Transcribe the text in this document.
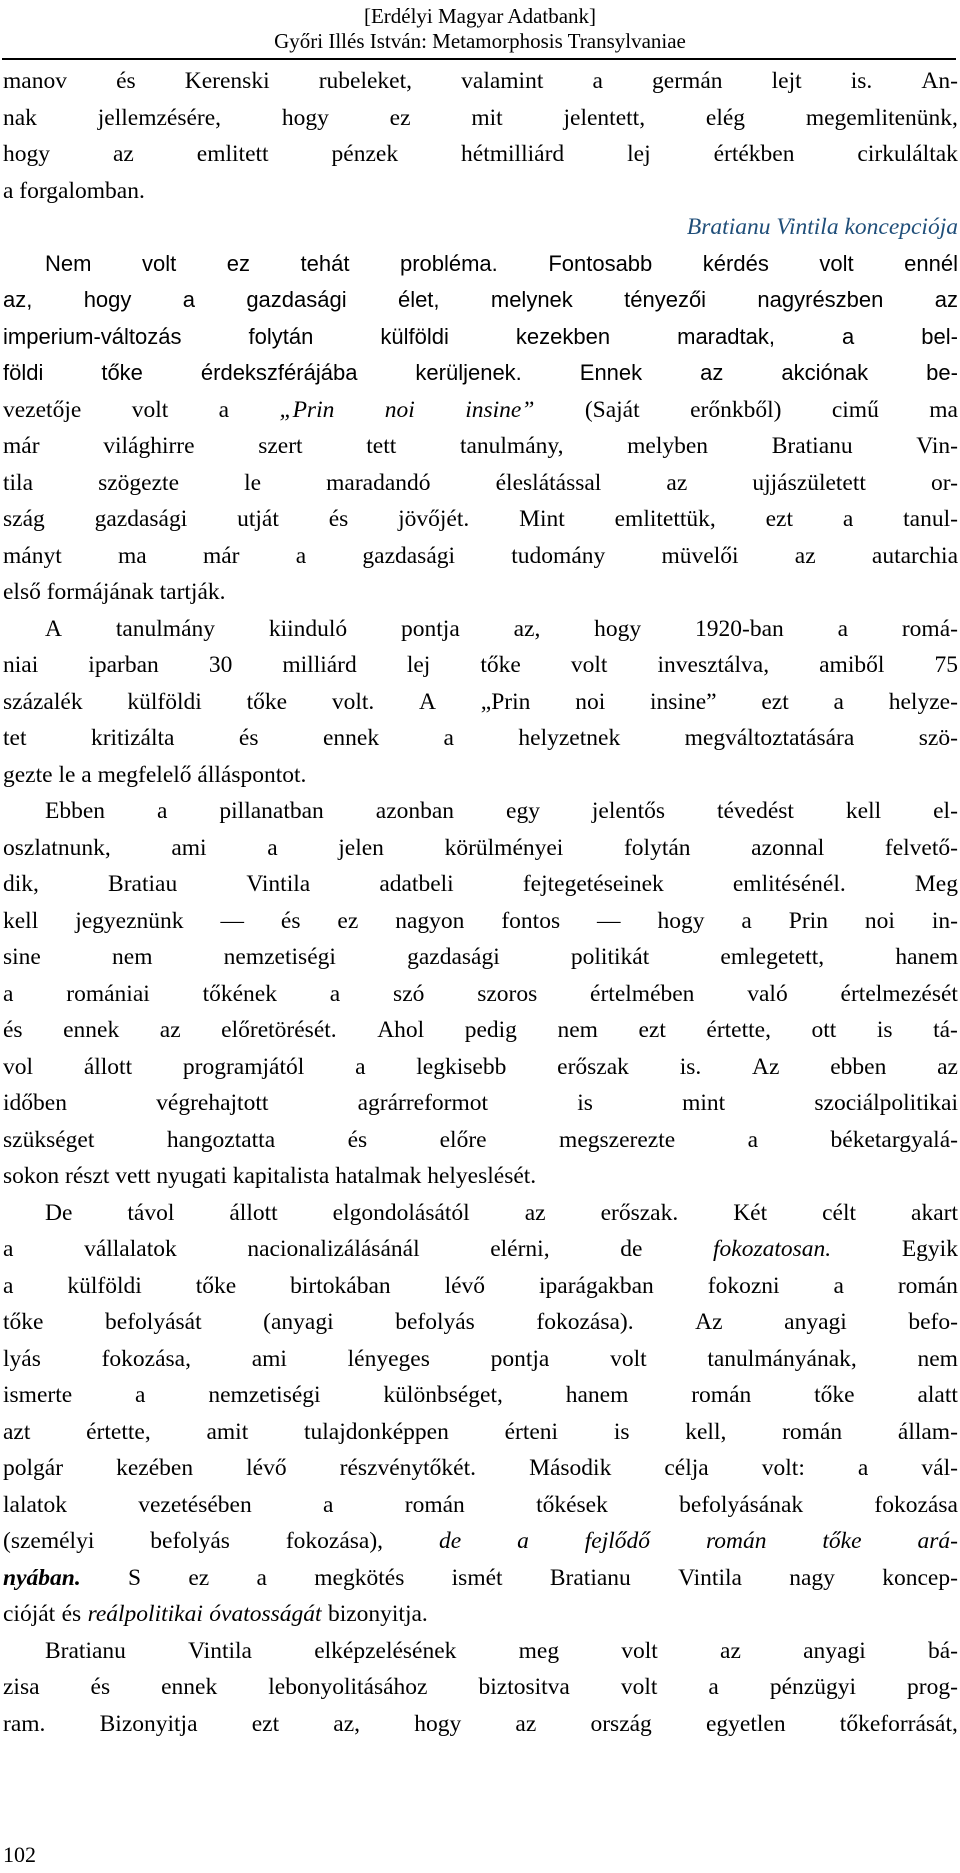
[Erdélyi Magyar Adatbank]
Győri Illés István: Metamorphosis Transylvaniae
manov és Kerenski rubeleket, valamint a germán lejt is. An-
nak	jellemzésére,	hogy	ez	mit	jelentett,	elég	megemlitenünk,
hogy	az	emlitett	pénzek	hétmilliárd	lej	értékben	cirkuláltak
a forgalomban.
Bratianu Vintila koncepciója
Nem volt ez tehát probléma. Fontosabb kérdés volt ennél
az, hogy a gazdasági élet, melynek tényezői nagyrészben az
imperium-változás	folytán	külföldi	kezekben	maradtak,	a	bel-
földi	tőke	érdekszférájába	kerüljenek.	Ennek	az	akciónak	be-
vezetője volt a „Prin noi insine” (Saját erőnkből) cimű ma
már	világhirre	szert	tett	tanulmány,	melyben	Bratianu	Vin-
tila	szögezte	le	maradandó	éleslátással	az	ujjászületett	or-
szág gazdasági utját és jövőjét. Mint emlitettük, ezt a tanul-
mányt ma már a gazdasági tudomány müvelői az autarchia
első formájának tartják.
A tanulmány kiinduló pontja az, hogy 1920-ban a romá-
niai iparban 30 milliárd lej tőke volt invesztálva, amiből 75
százalék külföldi tőke volt. A „Prin noi insine” ezt a helyze-
tet	kritizálta	és	ennek	a	helyzetnek	megváltoztatására	szö-
gezte le a megfelelő álláspontot.
Ebben a pillanatban azonban egy jelentős tévedést kell el-
oszlatnunk,	ami	a	jelen	körülményei	folytán	azonnal	felvető-
dik,	Bratiau	Vintila	adatbeli	fejtegetéseinek	emlitésénél.	Meg
kell jegyeznünk — és ez nagyon fontos — hogy a Prin noi in-
sine	nem	nemzetiségi	gazdasági	politikát	emlegetett,	hanem
a romániai tőkének a szó szoros értelmében való értelmezését
és ennek az előretörését. Ahol pedig nem ezt értette, ott is tá-
vol állott programjától a legkisebb erőszak is. Az ebben az
időben	végrehajtott	agrárreformot	is	mint	szociálpolitikai
szükséget	hangoztatta	és	előre	megszerezte	a	béketargyalá-
sokon részt vett nyugati kapitalista hatalmak helyeslését.
De távol állott elgondolásától az erőszak. Két célt akart
a	vállalatok	nacionalizálásánál	elérni,	de	fokozatosan.	Egyik
a külföldi tőke birtokában lévő iparágakban fokozni a román
tőke	befolyását	(anyagi	befolyás	fokozása).	Az	anyagi	befo-
lyás	fokozása,	ami	lényeges	pontja	volt	tanulmányának,	nem
ismerte	a	nemzetiségi	különbséget,	hanem	román	tőke	alatt
azt értette, amit tulajdonképpen érteni is kell, román állam-
polgár kezében lévő részvénytőkét. Második célja volt: a vál-
lalatok	vezetésében	a	román	tőkések	befolyásának	fokozása
(személyi befolyás fokozása), de a fejlődő román tőke ará-
nyában. S ez a megkötés ismét Bratianu Vintila nagy koncep-
cióját és reálpolitikai óvatosságát bizonyitja.
Bratianu	Vintila	elképzelésének	meg	volt	az	anyagi	bá-
zisa és ennek lebonyolitásához biztositva volt a pénzügyi prog-
ram. Bizonyitja ezt az, hogy az ország egyetlen tőkeforrását,
102
